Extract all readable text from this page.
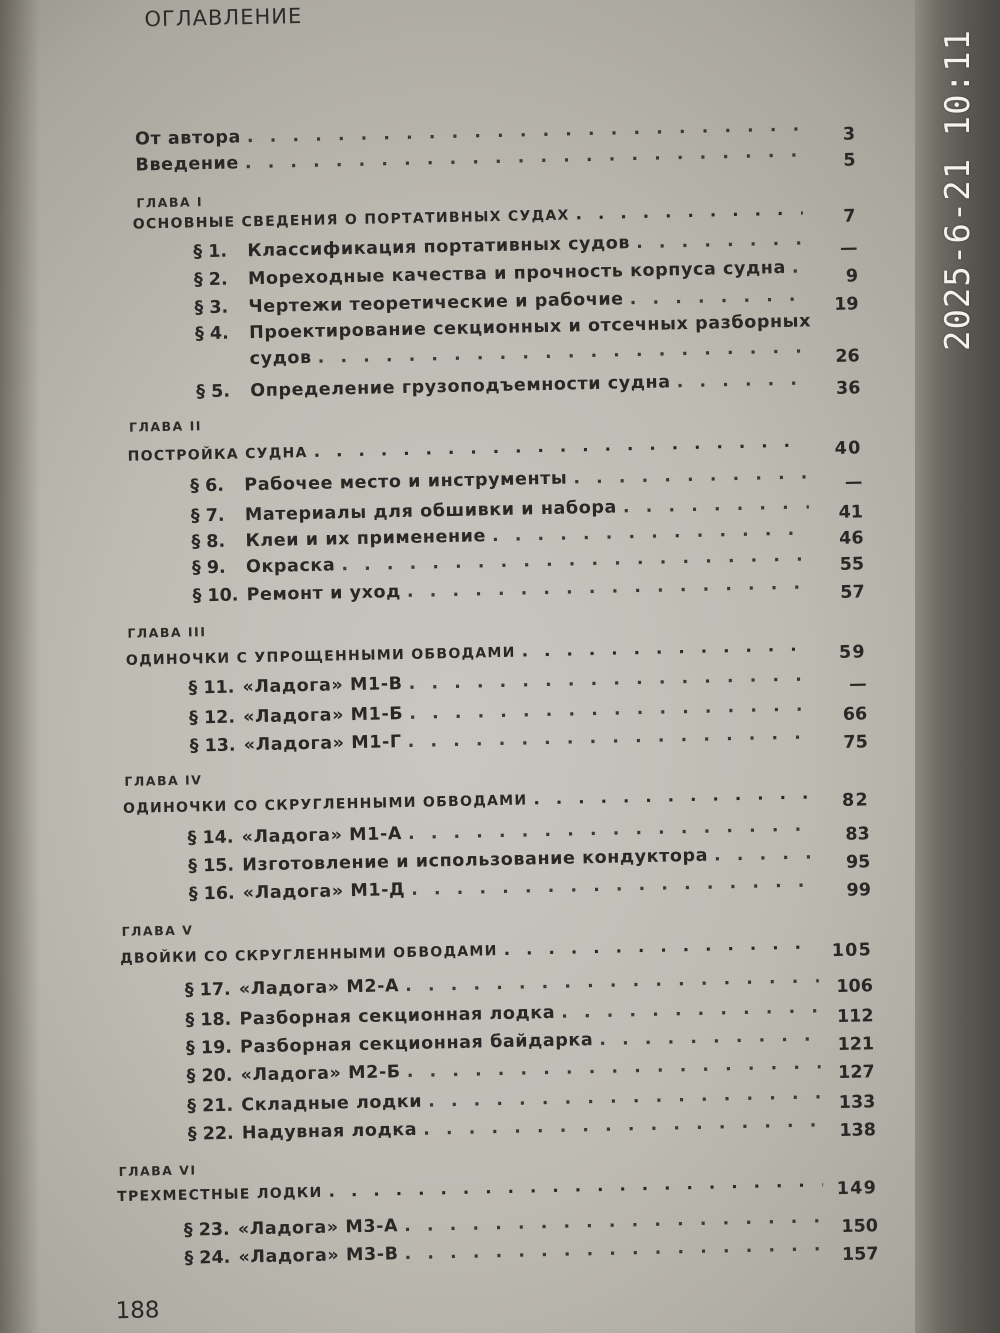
ОГЛАВЛЕНИЕ
От автора . . .	3
Введение . . .	5
ГЛАВА I
ОСНОВНЫЕ СВЕДЕНИЯ О ПОРТАТИВНЫХ СУДАХ . . .	7
§ 1.	Классификация портативных судов . . .	—
§ 2.	Мореходные качества и прочность корпуса судна . . .	9
§ 3.	Чертежи теоретические и рабочие . . .	19
§ 4.	Проектирование секционных и отсечных разборных
судов . . .	26
§ 5.	Определение грузоподъемности судна . . .	36
ГЛАВА II
ПОСТРОЙКА СУДНА . . .	40
§ 6.	Рабочее место и инструменты . . .	—
§ 7.	Материалы для обшивки и набора . . .	41
§ 8.	Клеи и их применение . . .	46
§ 9.	Окраска . . .	55
§ 10. Ремонт и уход . . .	57
ГЛАВА III
ОДИНОЧКИ С УПРОЩЕННЫМИ ОБВОДАМИ . . .	59
§ 11. «Ладога» М1-В . . .	—
§ 12. «Ладога» М1-Б . . .	66
§ 13. «Ладога» М1-Г . . .	75
ГЛАВА IV
ОДИНОЧКИ СО СКРУГЛЕННЫМИ ОБВОДАМИ . . .	82
§ 14. «Ладога» М1-А . . .	83
§ 15. Изготовление и использование кондуктора . . .	95
§ 16. «Ладога» М1-Д . . .	99
ГЛАВА V
ДВОЙКИ СО СКРУГЛЕННЫМИ ОБВОДАМИ . . .	105
§ 17. «Ладога» М2-А . . .	106
§ 18. Разборная секционная лодка . . .	112
§ 19. Разборная секционная байдарка . . .	121
§ 20. «Ладога» М2-Б . . .	127
§ 21. Складные лодки . . .	133
§ 22. Надувная лодка . . .	138
ГЛАВА VI
ТРЕХМЕСТНЫЕ ЛОДКИ . . .	149
§ 23. «Ладога» М3-А . . .	150
§ 24. «Ладога» М3-В . . .	157
188
2025-6-21 10:11
